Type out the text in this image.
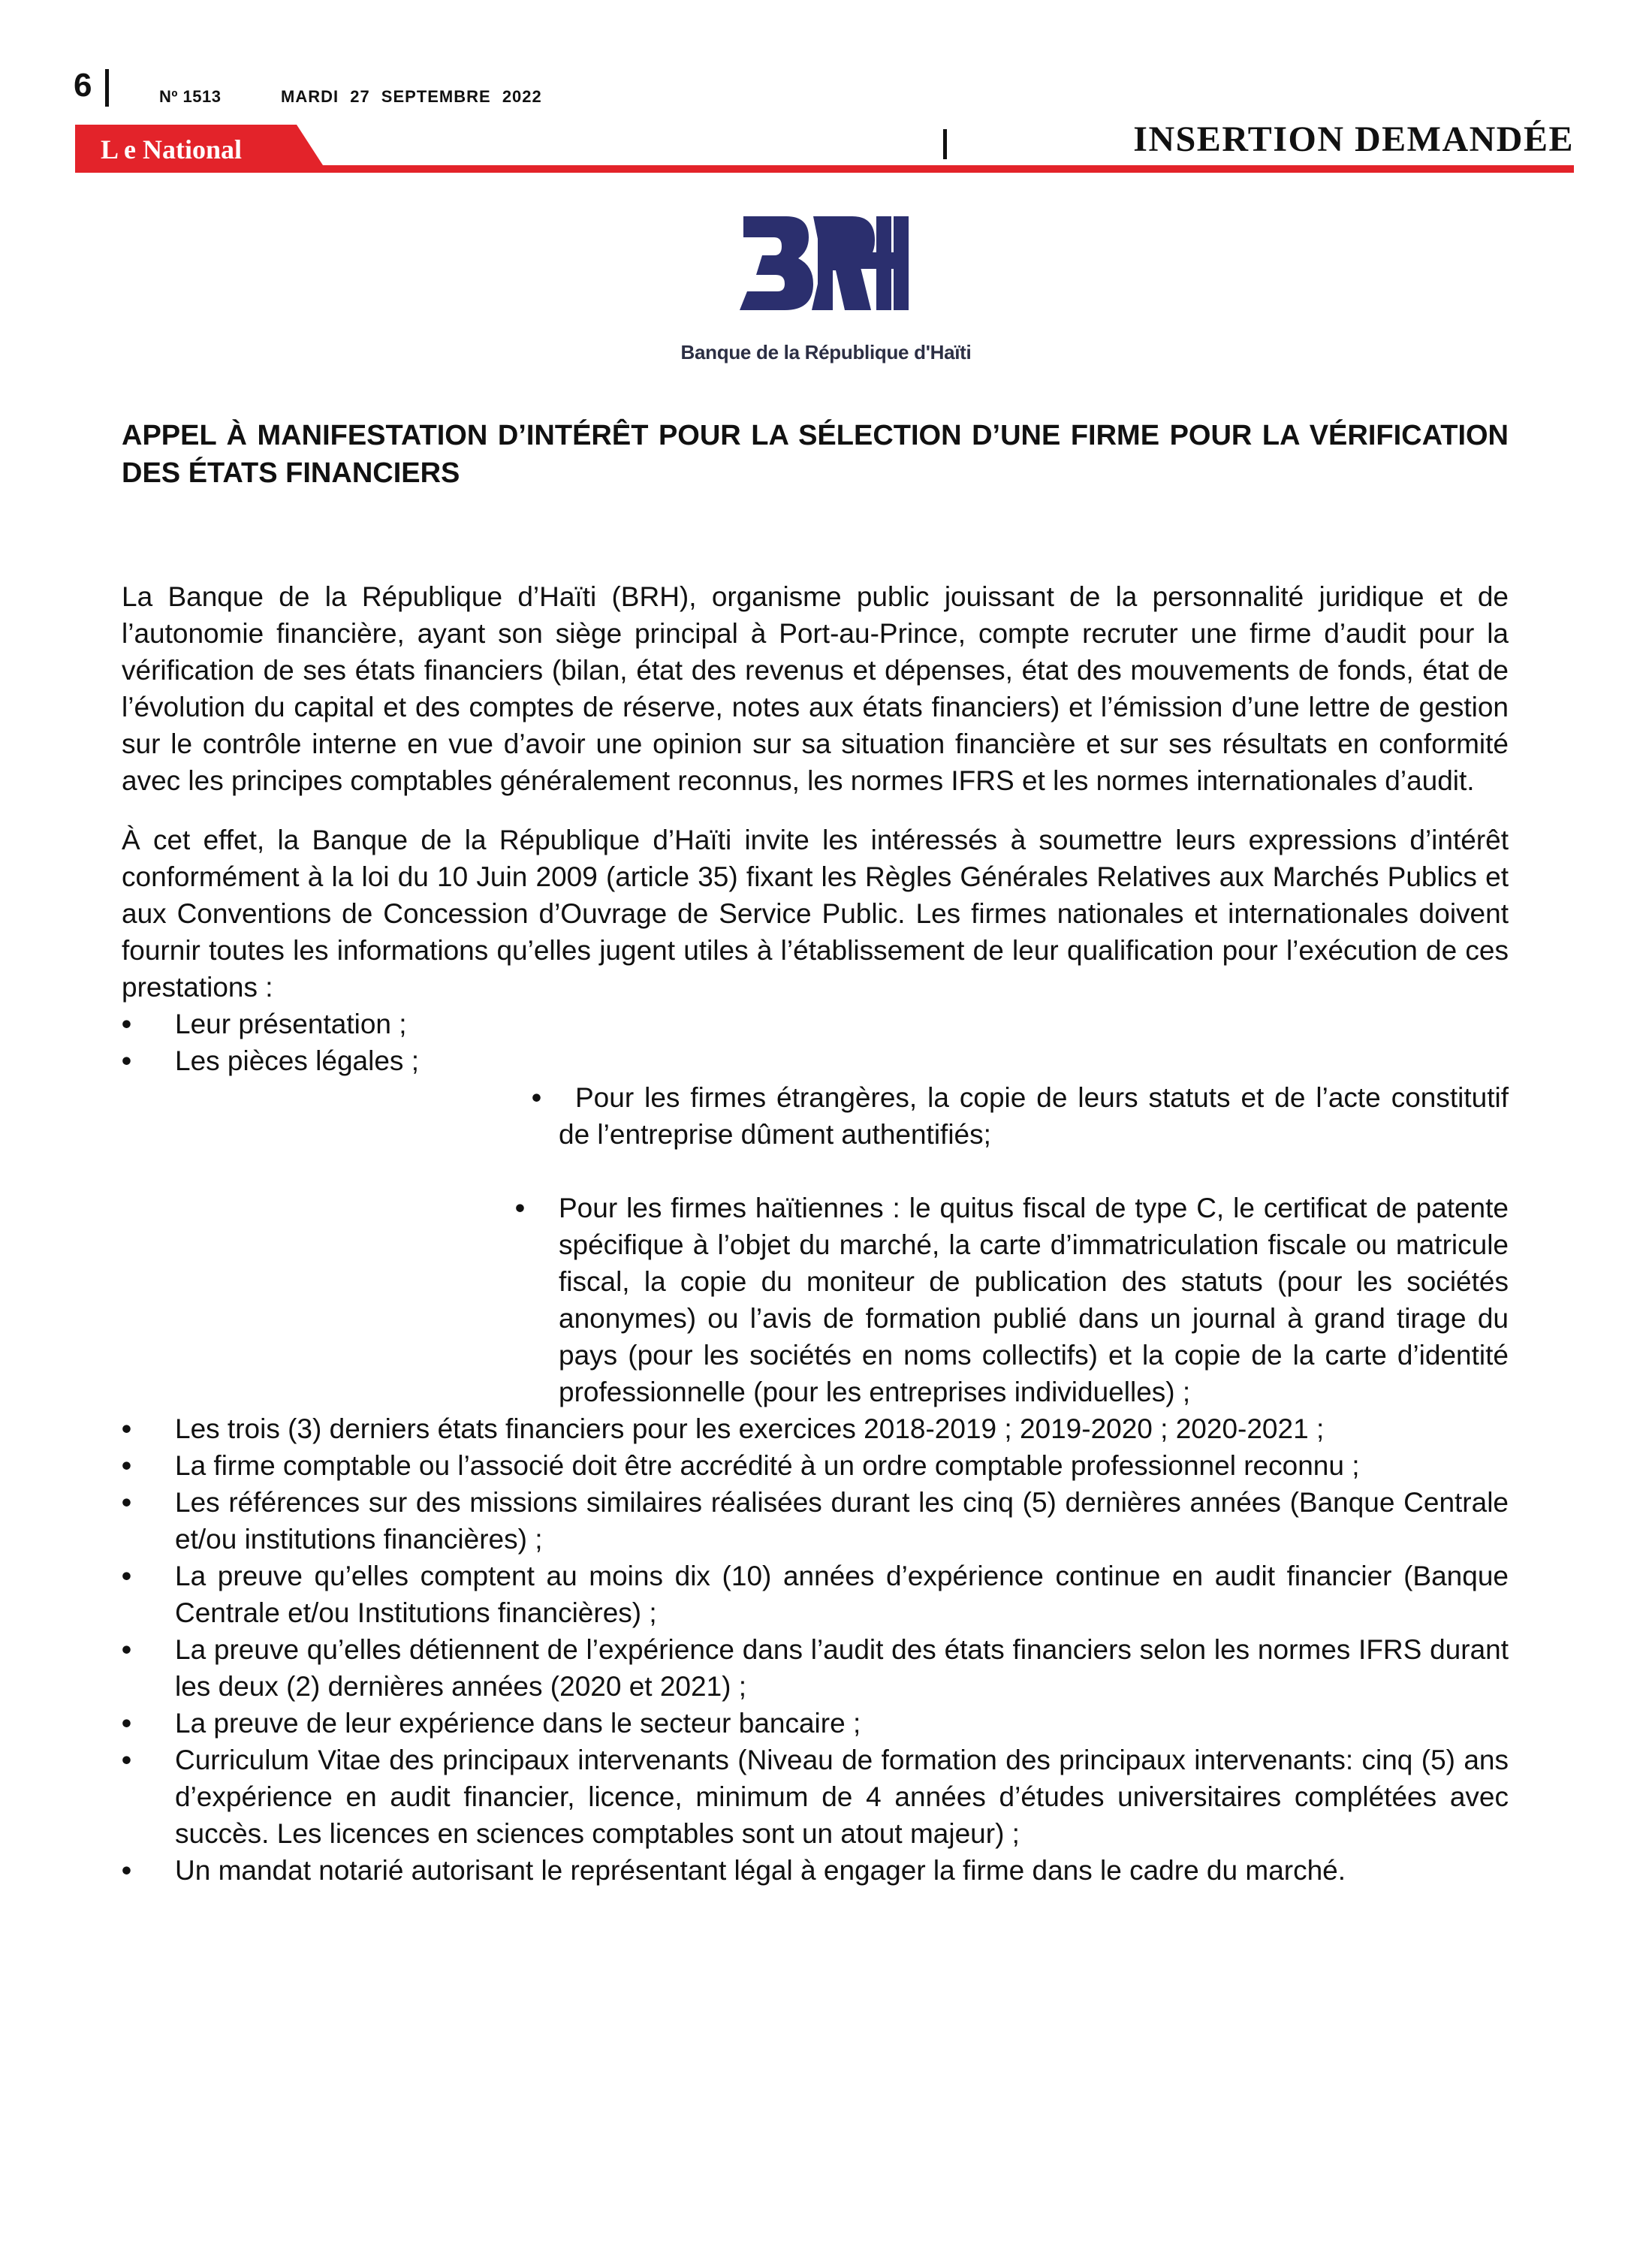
6	Nº 1513	MARDI 27 SEPTEMBRE 2022
L e National	INSERTION DEMANDÉE
Banque de la République d'Haïti
APPEL À MANIFESTATION D’INTÉRÊT POUR LA SÉLECTION D’UNE FIRME POUR LA VÉRIFICATION DES ÉTATS FINANCIERS

La Banque de la République d’Haïti (BRH), organisme public jouissant de la personnalité juridique et de l’autonomie financière, ayant son siège principal à Port-au-Prince, compte recruter une firme d’audit pour la vérification de ses états financiers (bilan, état des revenus et dépenses, état des mouvements de fonds, état de l’évolution du capital et des comptes de réserve, notes aux états financiers) et l’émission d’une lettre de gestion sur le contrôle interne en vue d’avoir une opinion sur sa situation financière et sur ses résultats en conformité avec les principes comptables généralement reconnus, les normes IFRS et les normes internationales d’audit.

À cet effet, la Banque de la République d’Haïti invite les intéressés à soumettre leurs expressions d’intérêt conformément à la loi du 10 Juin 2009 (article 35) fixant les Règles Générales Relatives aux Marchés Publics et aux Conventions de Concession d’Ouvrage de Service Public. Les firmes nationales et internationales doivent fournir toutes les informations qu’elles jugent utiles à l’établissement de leur qualification pour l’exécution de ces prestations :

• Leur présentation ;
• Les pièces légales ;
• Pour les firmes étrangères, la copie de leurs statuts et de l’acte constitutif de l’entreprise dûment authentifiés;
• Pour les firmes haïtiennes : le quitus fiscal de type C, le certificat de patente spécifique à l’objet du marché, la carte d’immatriculation fiscale ou matricule fiscal, la copie du moniteur de publication des statuts (pour les sociétés anonymes) ou l’avis de formation publié dans un journal à grand tirage du pays (pour les sociétés en noms collectifs) et la copie de la carte d’identité professionnelle (pour les entreprises individuelles) ;
• Les trois (3) derniers états financiers pour les exercices 2018-2019 ; 2019-2020 ; 2020-2021 ;
• La firme comptable ou l’associé doit être accrédité à un ordre comptable professionnel reconnu ;
• Les références sur des missions similaires réalisées durant les cinq (5) dernières années (Banque Centrale et/ou institutions financières) ;
• La preuve qu’elles comptent au moins dix (10) années d’expérience continue en audit financier (Banque Centrale et/ou Institutions financières) ;
• La preuve qu’elles détiennent de l’expérience dans l’audit des états financiers selon les normes IFRS durant les deux (2) dernières années (2020 et 2021) ;
• La preuve de leur expérience dans le secteur bancaire ;
• Curriculum Vitae des principaux intervenants (Niveau de formation des principaux intervenants: cinq (5) ans d’expérience en audit financier, licence, minimum de 4 années d’études universitaires complétées avec succès. Les licences en sciences comptables sont un atout majeur) ;
• Un mandat notarié autorisant le représentant légal à engager la firme dans le cadre du marché.
